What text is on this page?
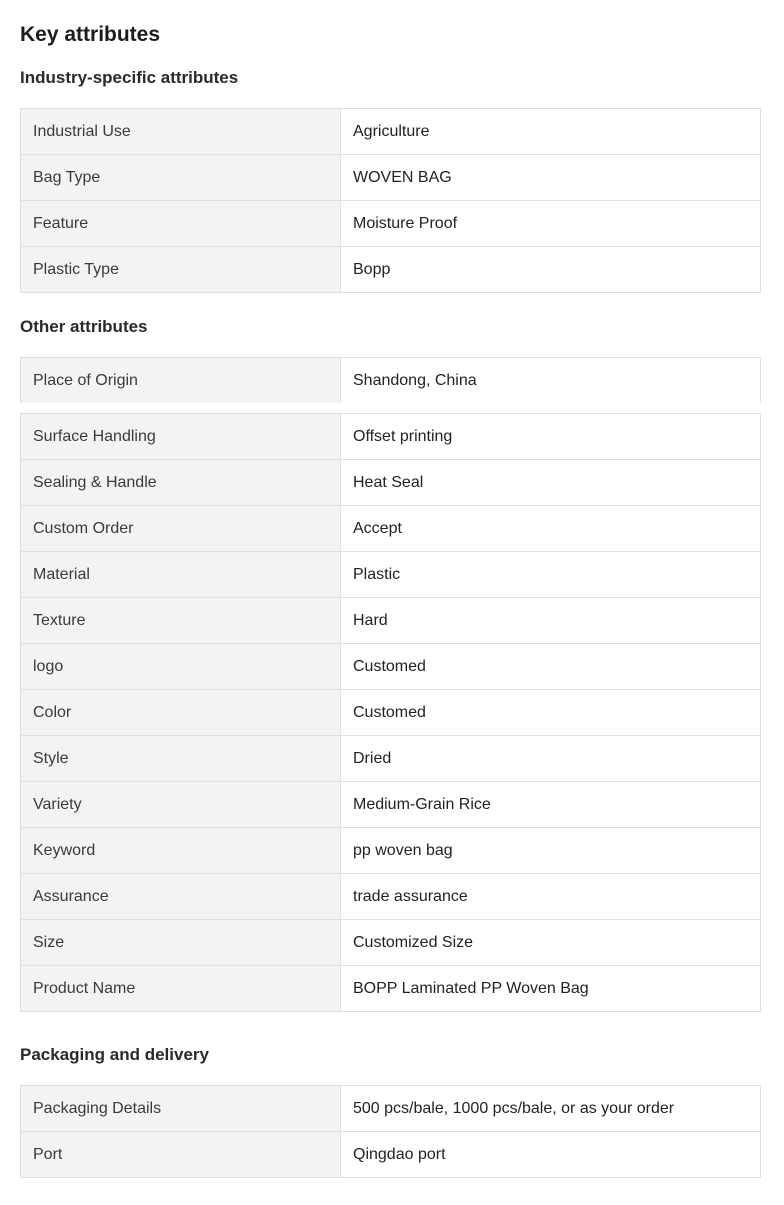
Key attributes
Industry-specific attributes
Industrial Use	Agriculture
Bag Type	WOVEN BAG
Feature	Moisture Proof
Plastic Type	Bopp
Other attributes
Place of Origin	Shandong, China
Surface Handling	Offset printing
Sealing & Handle	Heat Seal
Custom Order	Accept
Material	Plastic
Texture	Hard
logo	Customed
Color	Customed
Style	Dried
Variety	Medium-Grain Rice
Keyword	pp woven bag
Assurance	trade assurance
Size	Customized Size
Product Name	BOPP Laminated PP Woven Bag
Packaging and delivery
Packaging Details	500 pcs/bale, 1000 pcs/bale, or as your order
Port	Qingdao port
